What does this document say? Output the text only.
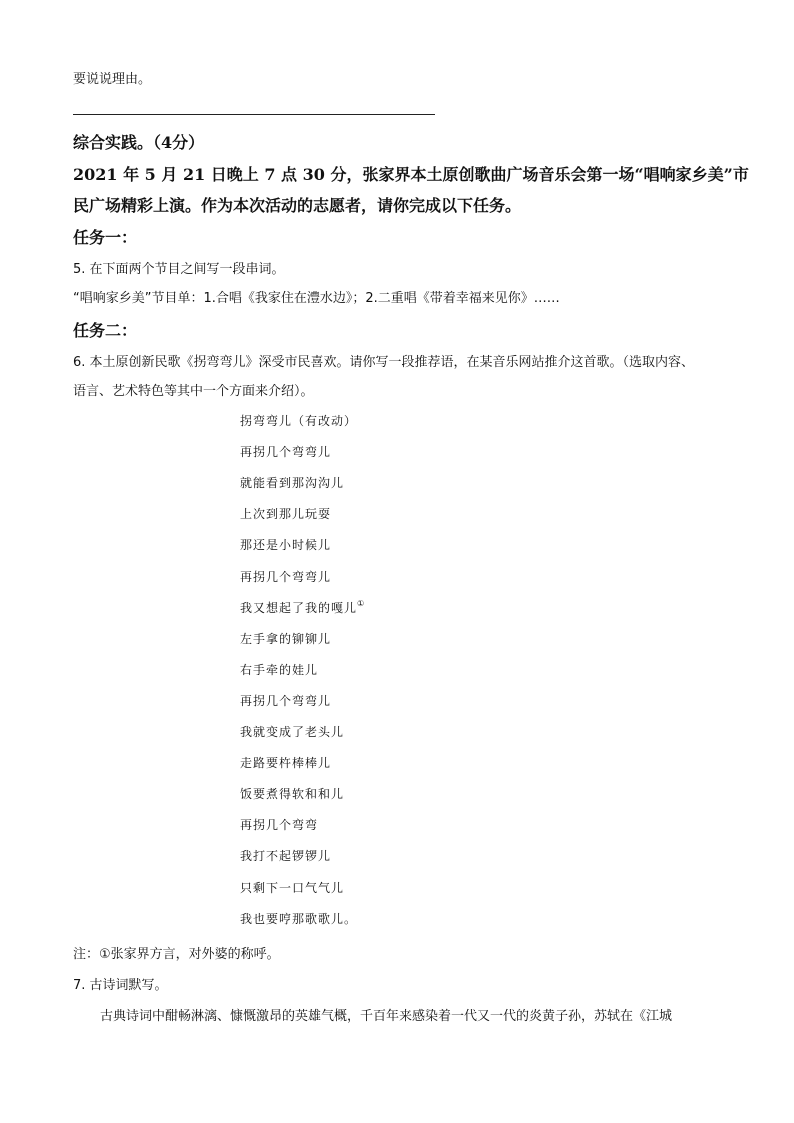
要说说理由。
综合实践。（4分）
2021 年 5 月 21 日晚上 7 点 30 分，张家界本土原创歌曲广场音乐会第一场“唱响家乡美”市
民广场精彩上演。作为本次活动的志愿者，请你完成以下任务。
任务一：
5. 在下面两个节目之间写一段串词。
“唱响家乡美”节目单：1.合唱《我家住在澧水边》；2.二重唱《带着幸福来见你》……
任务二：
6. 本土原创新民歌《拐弯弯儿》深受市民喜欢。请你写一段推荐语，在某音乐网站推介这首歌。（选取内容、
语言、艺术特色等其中一个方面来介绍）。
拐弯弯儿（有改动）
再拐几个弯弯儿
就能看到那沟沟儿
上次到那儿玩耍
那还是小时候儿
再拐几个弯弯儿
我又想起了我的嘎儿①
左手拿的铆铆儿
右手牵的娃儿
再拐几个弯弯儿
我就变成了老头儿
走路要杵棒棒儿
饭要煮得软和和儿
再拐几个弯弯
我打不起锣锣儿
只剩下一口气气儿
我也要哼那歌歌儿。
注：①张家界方言，对外婆的称呼。
7. 古诗词默写。
古典诗词中酣畅淋漓、慷慨激昂的英雄气概，千百年来感染着一代又一代的炎黄子孙，苏轼在《江城
